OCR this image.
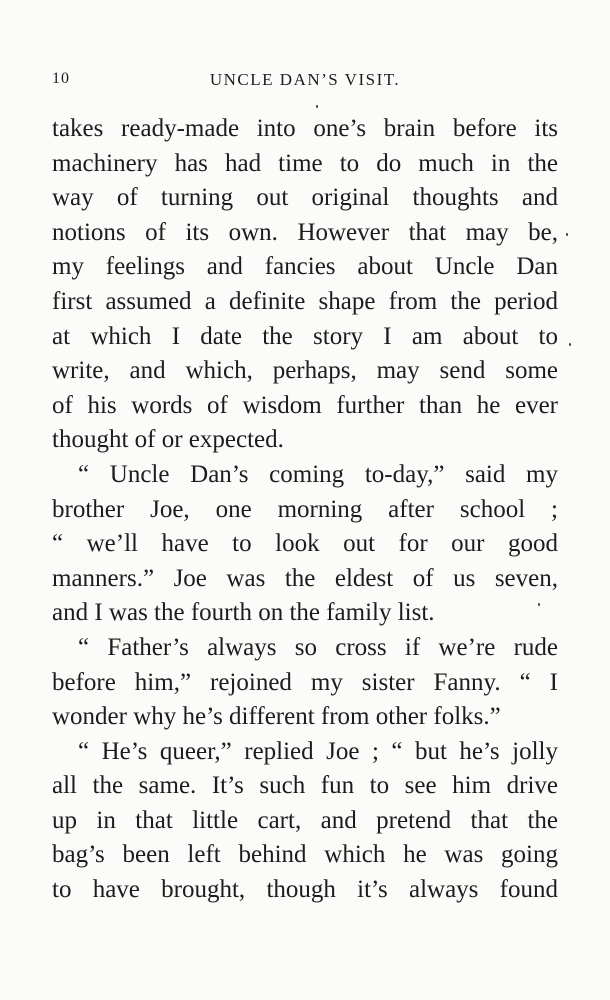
10	UNCLE DAN’S VISIT.
takes ready-made into one’s brain before its
machinery has had time to do much in the
way of turning out original thoughts and
notions of its own. However that may be,
my feelings and fancies about Uncle Dan
first assumed a definite shape from the period
at which I date the story I am about to
write, and which, perhaps, may send some
of his words of wisdom further than he ever
thought of or expected.
“ Uncle Dan’s coming to-day,” said my
brother Joe, one morning after school ;
“ we’ll have to look out for our good
manners.” Joe was the eldest of us seven,
and I was the fourth on the family list.
“ Father’s always so cross if we’re rude
before him,” rejoined my sister Fanny. “ I
wonder why he’s different from other folks.”
“ He’s queer,” replied Joe ; “ but he’s jolly
all the same. It’s such fun to see him drive
up in that little cart, and pretend that the
bag’s been left behind which he was going
to have brought, though it’s always found
